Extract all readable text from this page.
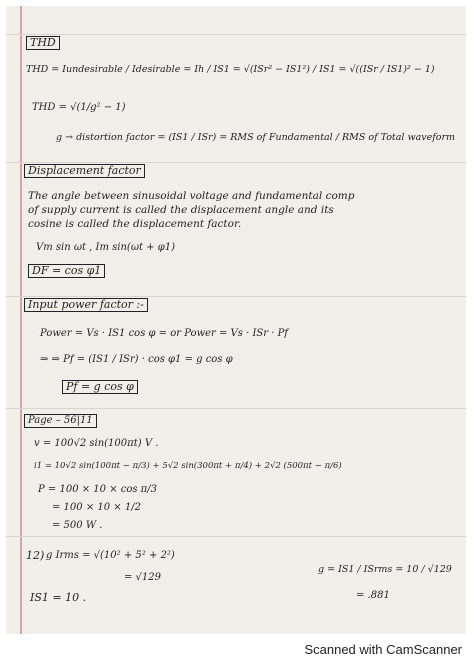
THD
THD = Iundesirable / Idesirable = Ih / IS1 = √(ISr² − IS1²) / IS1 = √((ISr / IS1)² − 1)
THD = √(1/g² − 1)
g → distortion factor = (IS1 / ISr) = RMS of Fundamental / RMS of Total waveform
Displacement factor
The angle between sinusoidal voltage and fundamental comp
of supply current is called the displacement angle and its
cosine is called the displacement factor.
Vm sin ωt , Im sin(ωt + φ1)
DF = cos φ1
Input power factor :-
Power = Vs · IS1 cos φ = or Power = Vs · ISr · Pf
⇒ ⇒ Pf = (IS1 / ISr) · cos φ1 = g cos φ
Pf = g cos φ
Page – 56|11
v = 100√2 sin(100πt) V .
i1 = 10√2 sin(100πt − π/3) + 5√2 sin(300πt + π/4) + 2√2 (500πt − π/6)
P = 100 × 10 × cos π/3
= 100 × 10 × 1/2
= 500 W .
12) g Irms = √(10² + 5² + 2²)
= √129
g = IS1 / ISrms = 10 / √129
= .881
IS1 = 10 .
Scanned with CamScanner
